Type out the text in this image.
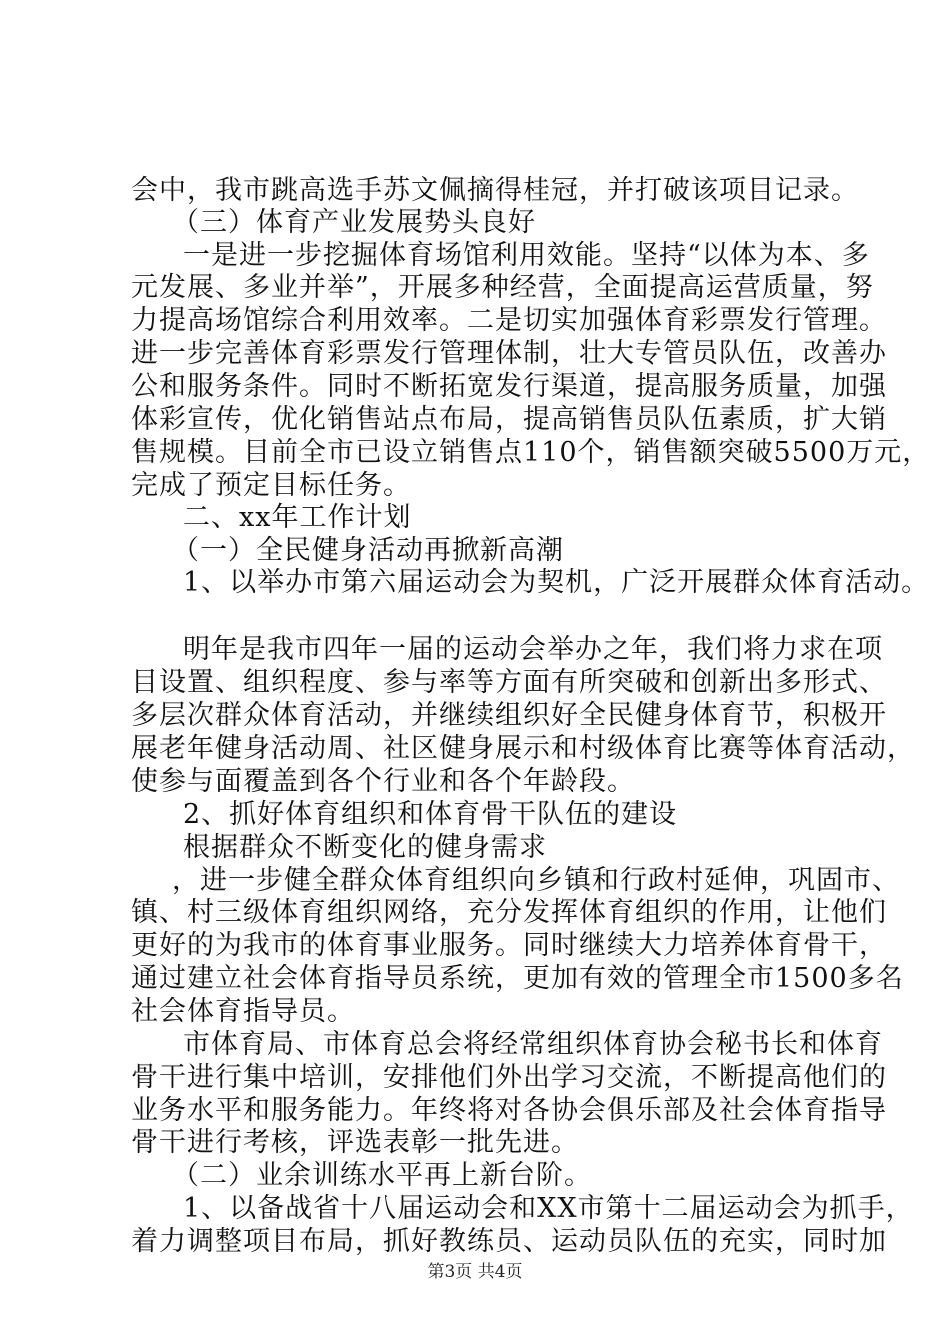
会中，我市跳高选手苏文佩摘得桂冠，并打破该项目记录。
（三）体育产业发展势头良好
一是进一步挖掘体育场馆利用效能。坚持“以体为本、多
元发展、多业并举”，开展多种经营，全面提高运营质量，努
力提高场馆综合利用效率。二是切实加强体育彩票发行管理。
进一步完善体育彩票发行管理体制，壮大专管员队伍，改善办
公和服务条件。同时不断拓宽发行渠道，提高服务质量，加强
体彩宣传，优化销售站点布局，提高销售员队伍素质，扩大销
售规模。目前全市已设立销售点110个，销售额突破5500万元，
完成了预定目标任务。
二、xx年工作计划
（一）全民健身活动再掀新高潮
1、以举办市第六届运动会为契机，广泛开展群众体育活动。
明年是我市四年一届的运动会举办之年，我们将力求在项
目设置、组织程度、参与率等方面有所突破和创新出多形式、
多层次群众体育活动，并继续组织好全民健身体育节，积极开
展老年健身活动周、社区健身展示和村级体育比赛等体育活动，
使参与面覆盖到各个行业和各个年龄段。
2、抓好体育组织和体育骨干队伍的建设
根据群众不断变化的健身需求
，进一步健全群众体育组织向乡镇和行政村延伸，巩固市、
镇、村三级体育组织网络，充分发挥体育组织的作用，让他们
更好的为我市的体育事业服务。同时继续大力培养体育骨干，
通过建立社会体育指导员系统，更加有效的管理全市1500多名
社会体育指导员。
市体育局、市体育总会将经常组织体育协会秘书长和体育
骨干进行集中培训，安排他们外出学习交流，不断提高他们的
业务水平和服务能力。年终将对各协会俱乐部及社会体育指导
骨干进行考核，评选表彰一批先进。
（二）业余训练水平再上新台阶。
1、以备战省十八届运动会和XX市第十二届运动会为抓手，
着力调整项目布局，抓好教练员、运动员队伍的充实，同时加
第3页 共4页
